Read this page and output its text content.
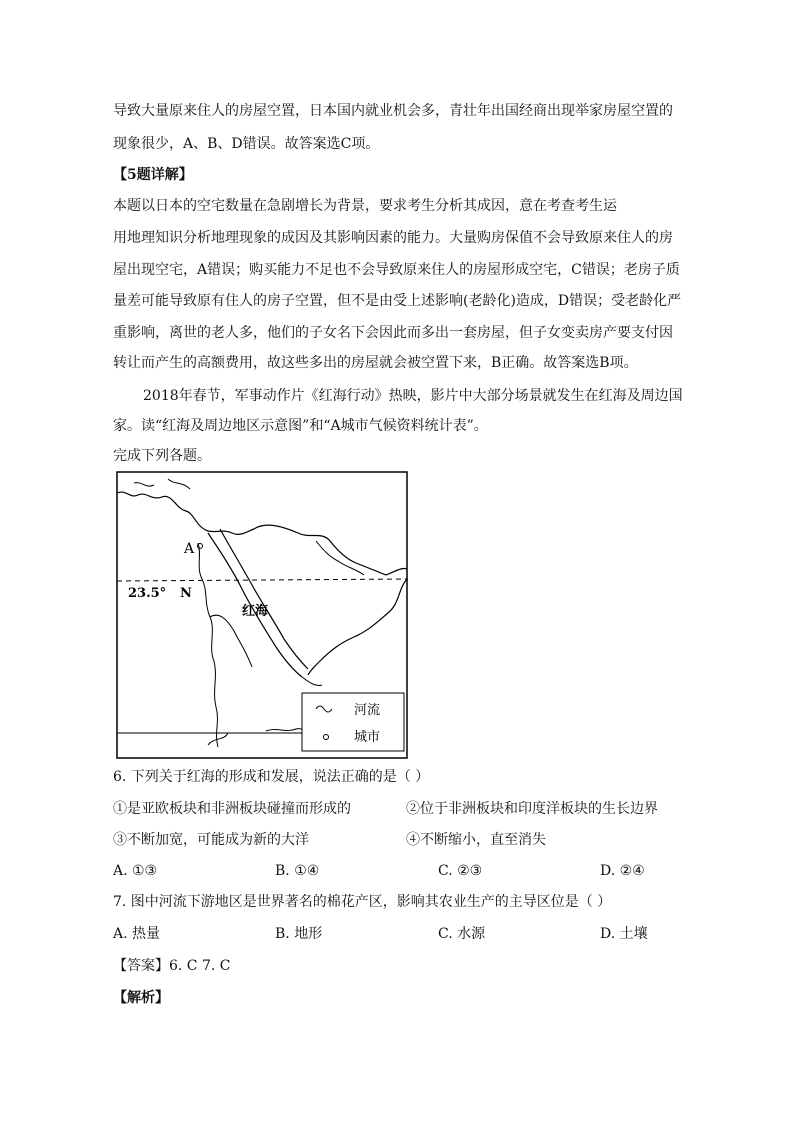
导致大量原来住人的房屋空置，日本国内就业机会多，青壮年出国经商出现举家房屋空置的
现象很少，A、B、D错误。故答案选C项。
【5题详解】
本题以日本的空宅数量在急剧增长为背景，要求考生分析其成因，意在考查考生运
用地理知识分析地理现象的成因及其影响因素的能力。大量购房保值不会导致原来住人的房
屋出现空宅，A错误；购买能力不足也不会导致原来住人的房屋形成空宅，C错误；老房子质
量差可能导致原有住人的房子空置，但不是由受上述影响(老龄化)造成，D错误；受老龄化严
重影响，离世的老人多，他们的子女名下会因此而多出一套房屋，但子女变卖房产要支付因
转让而产生的高额费用，故这些多出的房屋就会被空置下来，B正确。故答案选B项。
2018年春节，军事动作片《红海行动》热映，影片中大部分场景就发生在红海及周边国
家。读“红海及周边地区示意图”和“A城市气候资料统计表”。
完成下列各题。
河流
城市
A
23.5° N
红海
6. 下列关于红海的形成和发展，说法正确的是（ ）
①是亚欧板块和非洲板块碰撞而形成的	②位于非洲板块和印度洋板块的生长边界
③不断加宽，可能成为新的大洋	④不断缩小，直至消失
A. ①③	B. ①④	C. ②③	D. ②④
7. 图中河流下游地区是世界著名的棉花产区，影响其农业生产的主导区位是（ ）
A. 热量	B. 地形	C. 水源	D. 土壤
【答案】6. C 7. C
【解析】
